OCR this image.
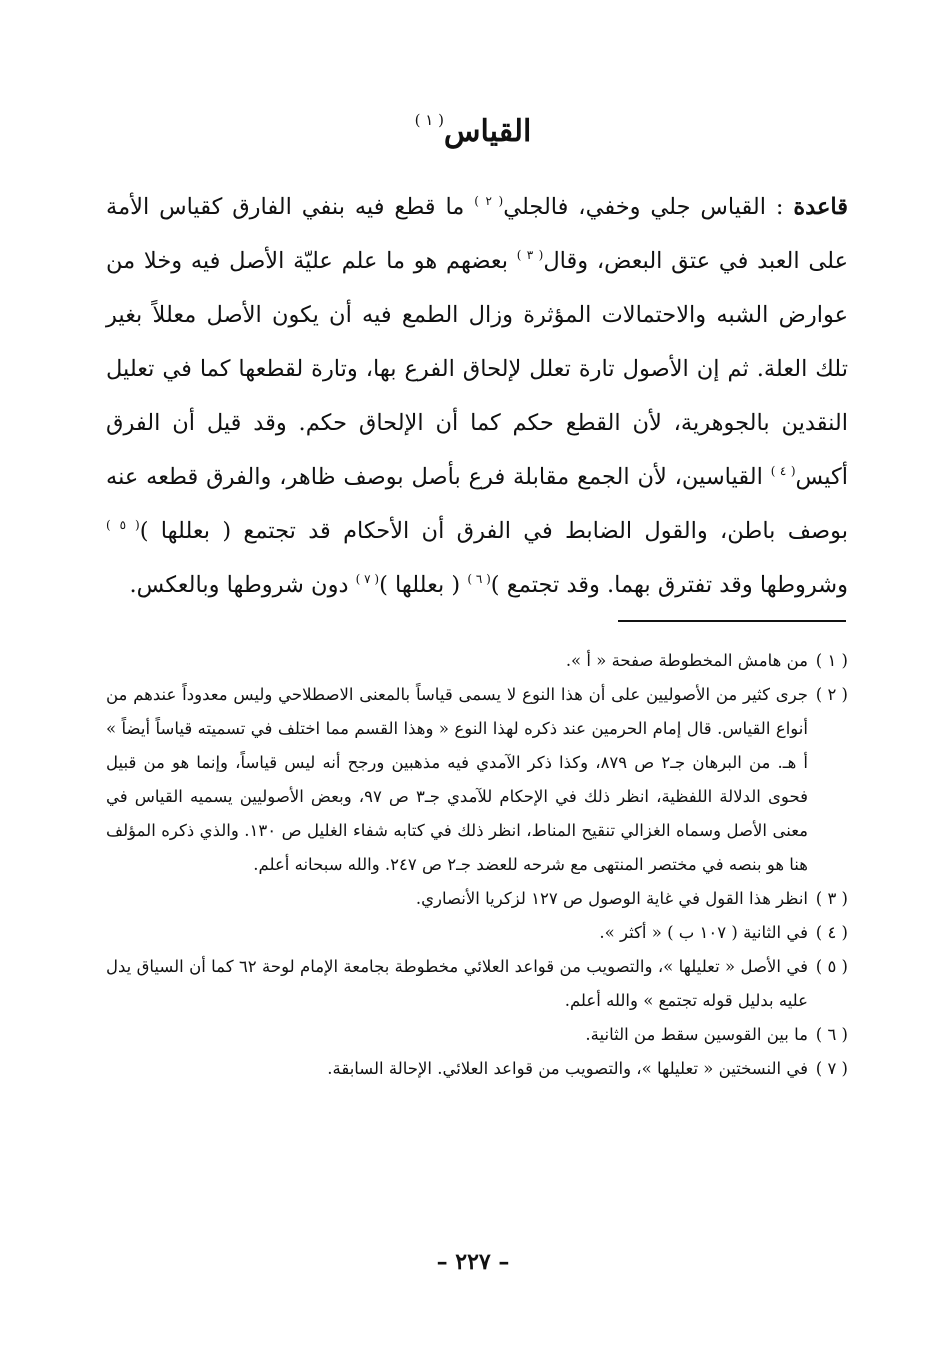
القياس$^{( ١ )}$

قاعدة : القياس جلي وخفي، فالجلي$^{( ٢ )}$ ما قطع فيه بنفي الفارق كقياس الأمة على العبد في عتق البعض، وقال$^{( ٣ )}$ بعضهم هو ما علم عليّة الأصل فيه وخلا من عوارض الشبه والاحتمالات المؤثرة وزال الطمع فيه أن يكون الأصل معللاً بغير تلك العلة. ثم إن الأصول تارة تعلل لإلحاق الفرع بها، وتارة لقطعها كما في تعليل النقدين بالجوهرية، لأن القطع حكم كما أن الإلحاق حكم. وقد قيل أن الفرق أكيس$^{( ٤ )}$ القياسين، لأن الجمع مقابلة فرع بأصل بوصف ظاهر، والفرق قطعه عنه بوصف باطن، والقول الضابط في الفرق أن الأحكام قد تجتمع ( بعللها )$^{( ٥ )}$ وشروطها وقد تفترق بهما. وقد تجتمع )$^{( ٦ )}$ ( بعللها )$^{( ٧ )}$ دون شروطها وبالعكس.

( ١ )
من هامش المخطوطة صفحة « أ ».
( ٢ )
جرى كثير من الأصوليين على أن هذا النوع لا يسمى قياساً بالمعنى الاصطلاحي وليس معدوداً عندهم من أنواع القياس. قال إمام الحرمين عند ذكره لهذا النوع « وهذا القسم مما اختلف في تسميته قياساً أيضاً » أ هـ. من البرهان جـ٢ ص ٨٧٩، وكذا ذكر الآمدي فيه مذهبين ورجح أنه ليس قياساً، وإنما هو من قبيل فحوى الدلالة اللفظية، انظر ذلك في الإحكام للآمدي جـ٣ ص ٩٧، وبعض الأصوليين يسميه القياس في معنى الأصل وسماه الغزالي تنقيح المناط، انظر ذلك في كتابه شفاء الغليل ص ١٣٠. والذي ذكره المؤلف هنا هو بنصه في مختصر المنتهى مع شرحه للعضد جـ٢ ص ٢٤٧. والله سبحانه أعلم.
( ٣ )
انظر هذا القول في غاية الوصول ص ١٢٧ لزكريا الأنصاري.
( ٤ )
في الثانية ( ١٠٧ ب ) « أكثر ».
( ٥ )
في الأصل « تعليلها »، والتصويب من قواعد العلائي مخطوطة بجامعة الإمام لوحة ٦٢ كما أن السياق يدل عليه بدليل قوله تجتمع » والله أعلم.
( ٦ )
ما بين القوسين سقط من الثانية.
( ٧ )
في النسختين « تعليلها »، والتصويب من قواعد العلائي. الإحالة السابقة.
– ٢٢٧ –
